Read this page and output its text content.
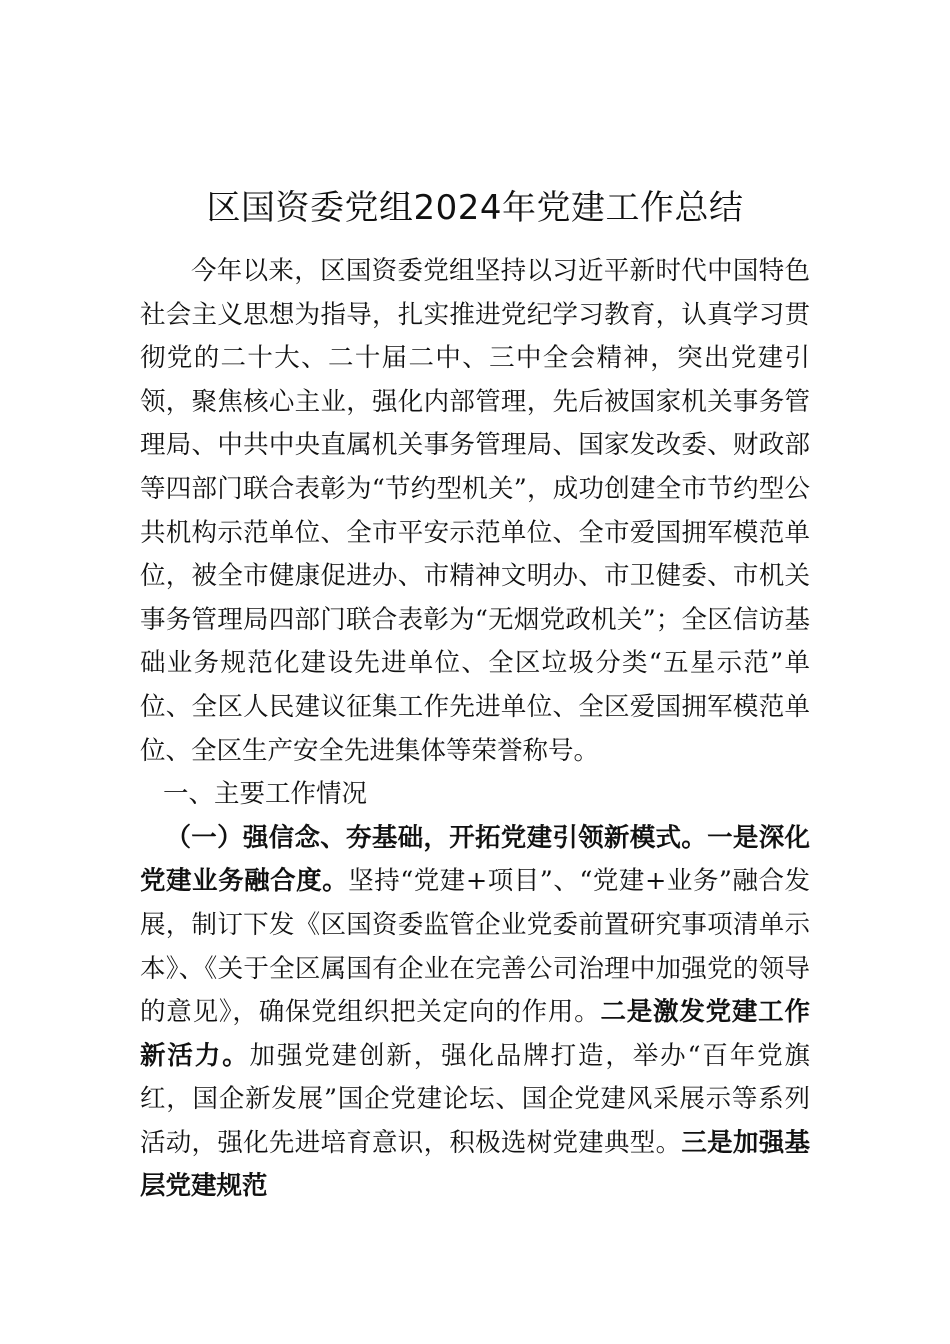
区国资委党组2024年党建工作总结

今年以来，区国资委党组坚持以习近平新时代中国特色社会主义思想为指导，扎实推进党纪学习教育，认真学习贯彻党的二十大、二十届二中、三中全会精神，突出党建引领，聚焦核心主业，强化内部管理，先后被国家机关事务管理局、中共中央直属机关事务管理局、国家发改委、财政部等四部门联合表彰为“节约型机关”，成功创建全市节约型公共机构示范单位、全市平安示范单位、全市爱国拥军模范单位，被全市健康促进办、市精神文明办、市卫健委、市机关事务管理局四部门联合表彰为“无烟党政机关”；全区信访基础业务规范化建设先进单位、全区垃圾分类“五星示范”单位、全区人民建议征集工作先进单位、全区爱国拥军模范单位、全区生产安全先进集体等荣誉称号。

一、主要工作情况

（一）强信念、夯基础，开拓党建引领新模式。一是深化党建业务融合度。坚持“党建+项目”、“党建+业务”融合发展，制订下发《区国资委监管企业党委前置研究事项清单示本》、《关于全区属国有企业在完善公司治理中加强党的领导的意见》，确保党组织把关定向的作用。二是激发党建工作新活力。加强党建创新，强化品牌打造，举办“百年党旗红，国企新发展”国企党建论坛、国企党建风采展示等系列活动，强化先进培育意识，积极选树党建典型。三是加强基层党建规范
